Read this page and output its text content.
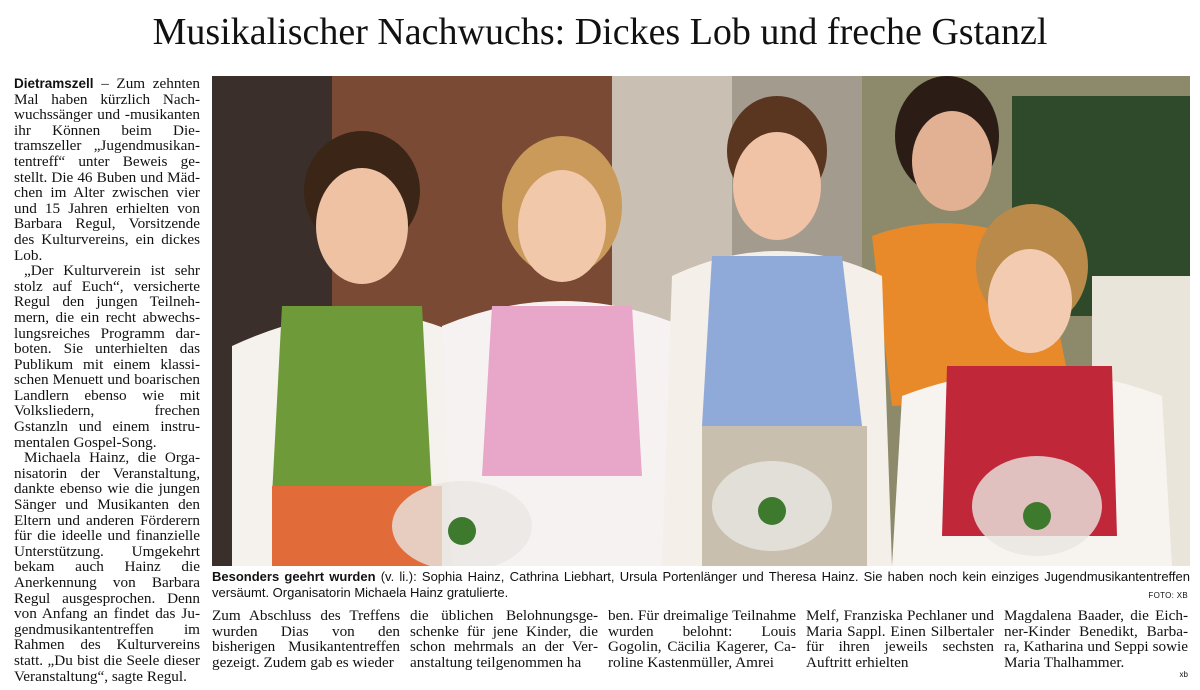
Musikalischer Nachwuchs: Dickes Lob und freche Gstanzl

Dietramszell – Zum zehnten Mal haben kürzlich Nachwuchssänger und -musikanten ihr Können beim Dietramszeller „Jugendmusikantentreff“ unter Beweis gestellt. Die 46 Buben und Mädchen im Alter zwischen vier und 15 Jahren erhielten von Barbara Regul, Vorsitzende des Kulturvereins, ein dickes Lob.

„Der Kulturverein ist sehr stolz auf Euch“, versicherte Regul den jungen Teilnehmern, die ein recht abwechslungsreiches Programm darboten. Sie unterhielten das Publikum mit einem klassischen Menuett und boarischen Landlern ebenso wie mit Volksliedern, frechen Gstanzln und einem instrumentalen Gospel-Song.

Michaela Hainz, die Organisatorin der Veranstaltung, dankte ebenso wie die jungen Sänger und Musikanten den Eltern und anderen Förderern für die ideelle und finanzielle Unterstützung. Umgekehrt bekam auch Hainz die Anerkennung von Barbara Regul ausgesprochen. Denn von Anfang an findet das Jugendmusikantentreffen im Rahmen des Kulturvereins statt. „Du bist die Seele dieser Veranstaltung“, sagte Regul.

Besonders geehrt wurden (v. li.): Sophia Hainz, Cathrina Liebhart, Ursula Portenlänger und Theresa Hainz. Sie haben noch kein einziges Jugendmusikantentreffen versäumt. Organisatorin Michaela Hainz gratulierte.	FOTO: XB
Zum Abschluss des Treffens wurden Dias von den bisherigen Musikantentreffen gezeigt. Zudem gab es wieder
die üblichen Belohnungsgeschenke für jene Kinder, die schon mehrmals an der Veranstaltung teilgenommen ha
ben. Für dreimalige Teilnahme wurden belohnt: Louis Gogolin, Cäcilia Kagerer, Caroline Kastenmüller, Amrei
Melf, Franziska Pechlaner und Maria Sappl. Einen Silbertaler für ihren jeweils sechsten Auftritt erhielten
Magdalena Baader, die Eichner-Kinder Benedikt, Barbara, Katharina und Seppi sowie Maria Thalhammer.
xb
